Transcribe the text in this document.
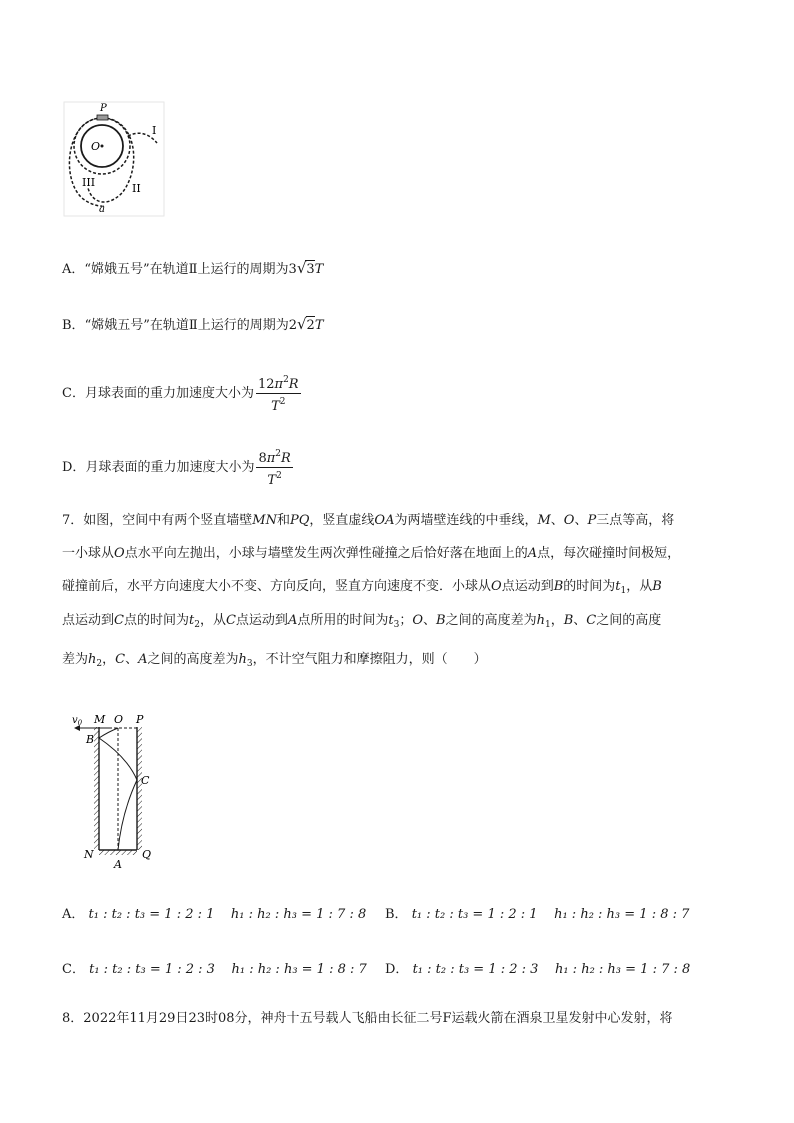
P
O
I
II
III
a
A．“嫦娥五号”在轨道Ⅱ上运行的周期为3√3T
B．“嫦娥五号”在轨道Ⅱ上运行的周期为2√2T
C．月球表面的重力加速度大小为 $\frac{12\pi^2R}{T^2}$
D．月球表面的重力加速度大小为 $\frac{8\pi^2R}{T^2}$
7．如图，空间中有两个竖直墙壁MN和PQ，竖直虚线OA为两墙壁连线的中垂线，M、O、P三点等高，将
一小球从O点水平向左抛出，小球与墙壁发生两次弹性碰撞之后恰好落在地面上的A点，每次碰撞时间极短，
碰撞前后，水平方向速度大小不变、方向反向，竖直方向速度不变．小球从O点运动到B的时间为$t_1$，从B
点运动到C点的时间为$t_2$，从C点运动到A点所用的时间为$t_3$；O、B之间的高度差为$h_1$，B、C之间的高度
差为$h_2$，C、A之间的高度差为$h_3$，不计空气阻力和摩擦阻力，则（　　）
$v_0$ M O P
B
C
N	Q
A
A． t₁ : t₂ : t₃ = 1 : 2 : 1 h₁ : h₂ : h₃ = 1 : 7 : 8 B． t₁ : t₂ : t₃ = 1 : 2 : 1 h₁ : h₂ : h₃ = 1 : 8 : 7
C． t₁ : t₂ : t₃ = 1 : 2 : 3 h₁ : h₂ : h₃ = 1 : 8 : 7 D． t₁ : t₂ : t₃ = 1 : 2 : 3 h₁ : h₂ : h₃ = 1 : 7 : 8
8．2022年11月29日23时08分，神舟十五号载人飞船由长征二号F运载火箭在酒泉卫星发射中心发射，将
